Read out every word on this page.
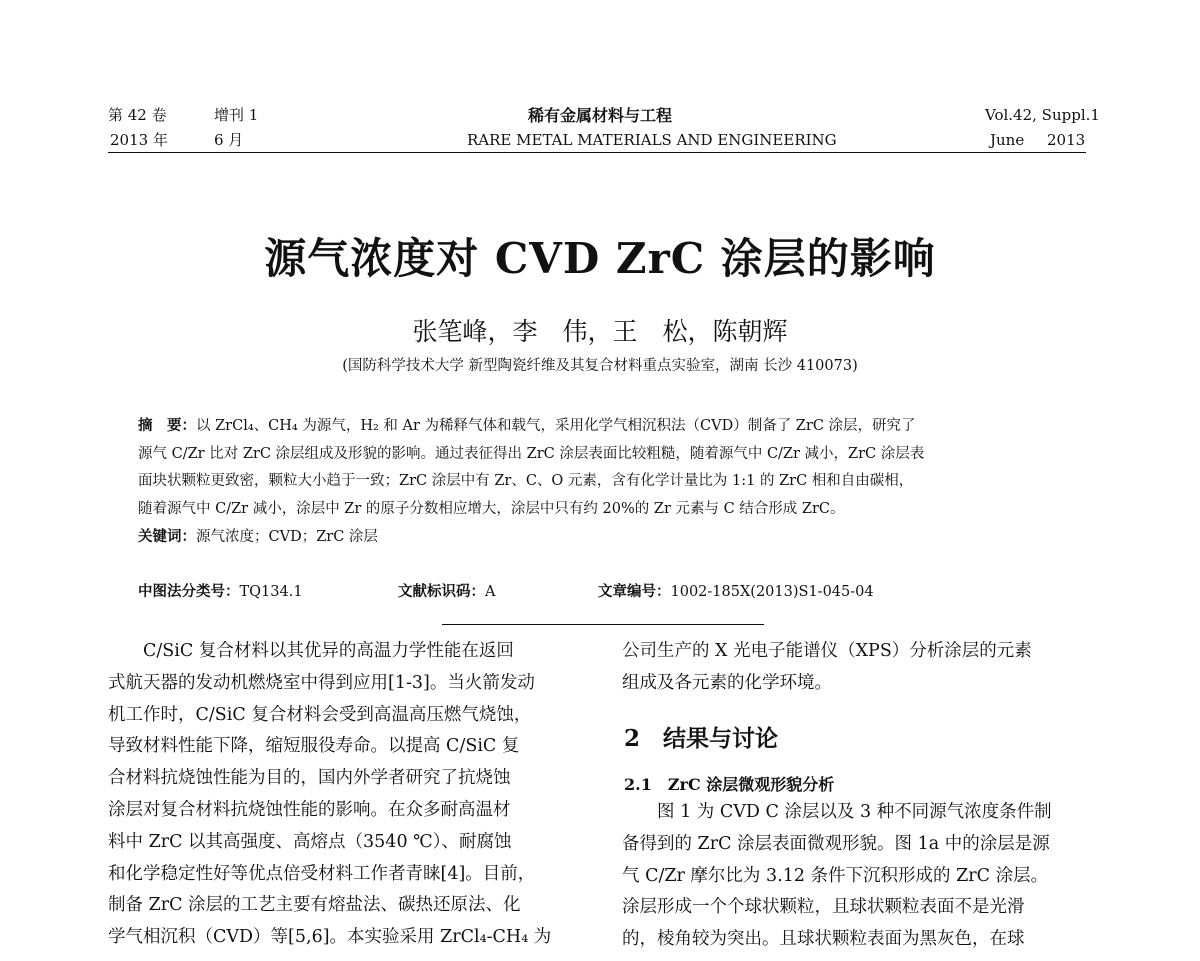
第 42 卷	增刊 1	稀有金属材料与工程	Vol.42, Suppl.1
2013 年	6 月	RARE METAL MATERIALS AND ENGINEERING	June 2013
源气浓度对 CVD ZrC 涂层的影响
张笔峰，李　伟，王　松，陈朝辉
(国防科学技术大学 新型陶瓷纤维及其复合材料重点实验室，湖南 长沙 410073)

摘　要：以 ZrCl₄、CH₄ 为源气，H₂ 和 Ar 为稀释气体和载气，采用化学气相沉积法（CVD）制备了 ZrC 涂层，研究了

源气 C/Zr 比对 ZrC 涂层组成及形貌的影响。通过表征得出 ZrC 涂层表面比较粗糙，随着源气中 C/Zr 减小，ZrC 涂层表

面块状颗粒更致密，颗粒大小趋于一致；ZrC 涂层中有 Zr、C、O 元素，含有化学计量比为 1:1 的 ZrC 相和自由碳相，

随着源气中 C/Zr 减小，涂层中 Zr 的原子分数相应增大，涂层中只有约 20%的 Zr 元素与 C 结合形成 ZrC。

关键词：源气浓度；CVD；ZrC 涂层

中图法分类号：TQ134.1	文献标识码：A	文章编号：1002-185X(2013)S1-045-04

　　C/SiC 复合材料以其优异的高温力学性能在返回

式航天器的发动机燃烧室中得到应用[1-3]。当火箭发动

机工作时，C/SiC 复合材料会受到高温高压燃气烧蚀，

导致材料性能下降，缩短服役寿命。以提高 C/SiC 复

合材料抗烧蚀性能为目的，国内外学者研究了抗烧蚀

涂层对复合材料抗烧蚀性能的影响。在众多耐高温材

料中 ZrC 以其高强度、高熔点（3540 ℃）、耐腐蚀

和化学稳定性好等优点倍受材料工作者青睐[4]。目前，

制备 ZrC 涂层的工艺主要有熔盐法、碳热还原法、化

学气相沉积（CVD）等[5,6]。本实验采用 ZrCl₄-CH₄ 为

公司生产的 X 光电子能谱仪（XPS）分析涂层的元素

组成及各元素的化学环境。

2　结果与讨论
2.1　ZrC 涂层微观形貌分析

　　图 1 为 CVD C 涂层以及 3 种不同源气浓度条件制

备得到的 ZrC 涂层表面微观形貌。图 1a 中的涂层是源

气 C/Zr 摩尔比为 3.12 条件下沉积形成的 ZrC 涂层。

涂层形成一个个球状颗粒，且球状颗粒表面不是光滑

的，棱角较为突出。且球状颗粒表面为黑灰色，在球
